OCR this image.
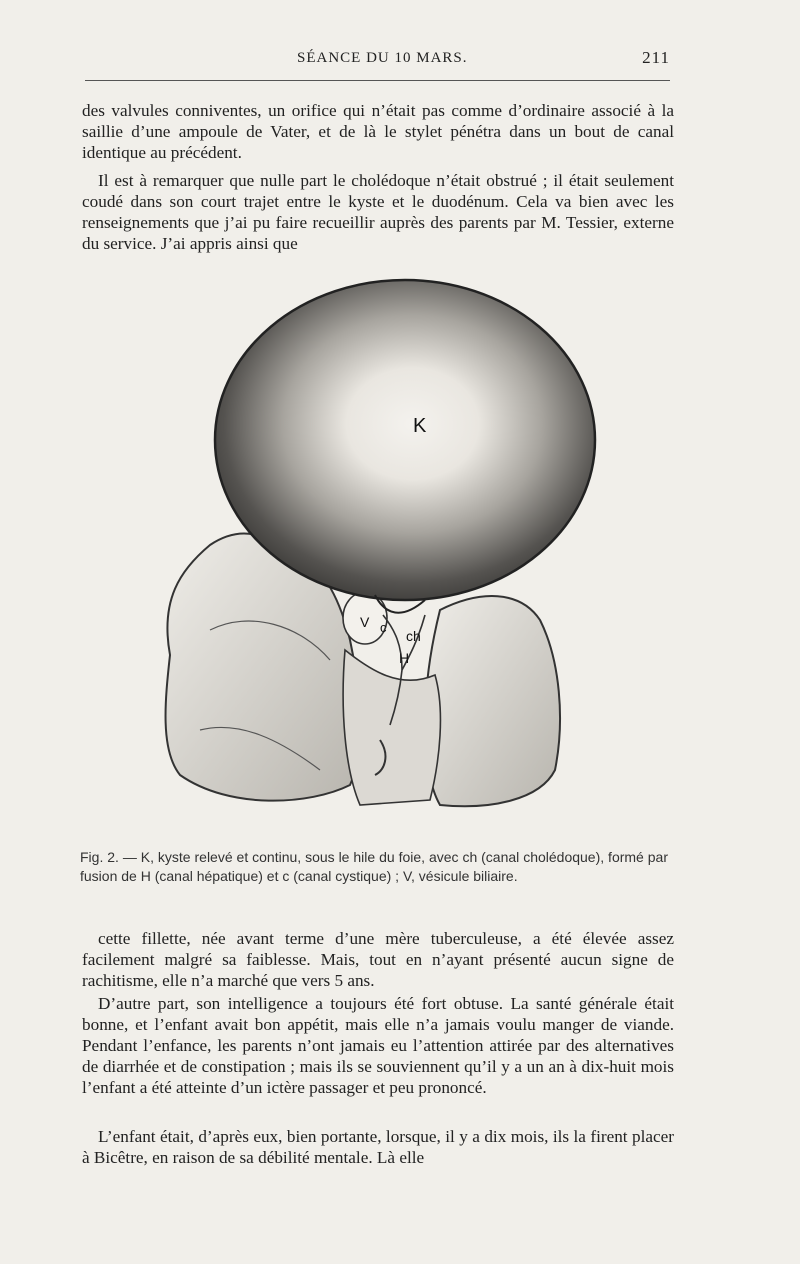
SÉANCE DU 10 MARS.	211

des valvules conniventes, un orifice qui n’était pas comme d’ordinaire associé à la saillie d’une ampoule de Vater, et de là le stylet pénétra dans un bout de canal identique au précédent.

Il est à remarquer que nulle part le cholédoque n’était obstrué ; il était seulement coudé dans son court trajet entre le kyste et le duodénum. Cela va bien avec les renseignements que j’ai pu faire recueillir auprès des parents par M. Tessier, externe du service. J’ai appris ainsi que

K
V c
ch
H

Fig. 2. — K, kyste relevé et continu, sous le hile du foie, avec ch (canal cholédoque), formé par fusion de H (canal hépatique) et c (canal cystique) ; V, vésicule biliaire.

cette fillette, née avant terme d’une mère tuberculeuse, a été élevée assez facilement malgré sa faiblesse. Mais, tout en n’ayant présenté aucun signe de rachitisme, elle n’a marché que vers 5 ans.

D’autre part, son intelligence a toujours été fort obtuse. La santé générale était bonne, et l’enfant avait bon appétit, mais elle n’a jamais voulu manger de viande. Pendant l’enfance, les parents n’ont jamais eu l’attention attirée par des alternatives de diarrhée et de constipation ; mais ils se souviennent qu’il y a un an à dix-huit mois l’enfant a été atteinte d’un ictère passager et peu prononcé.

L’enfant était, d’après eux, bien portante, lorsque, il y a dix mois, ils la firent placer à Bicêtre, en raison de sa débilité mentale. Là elle
